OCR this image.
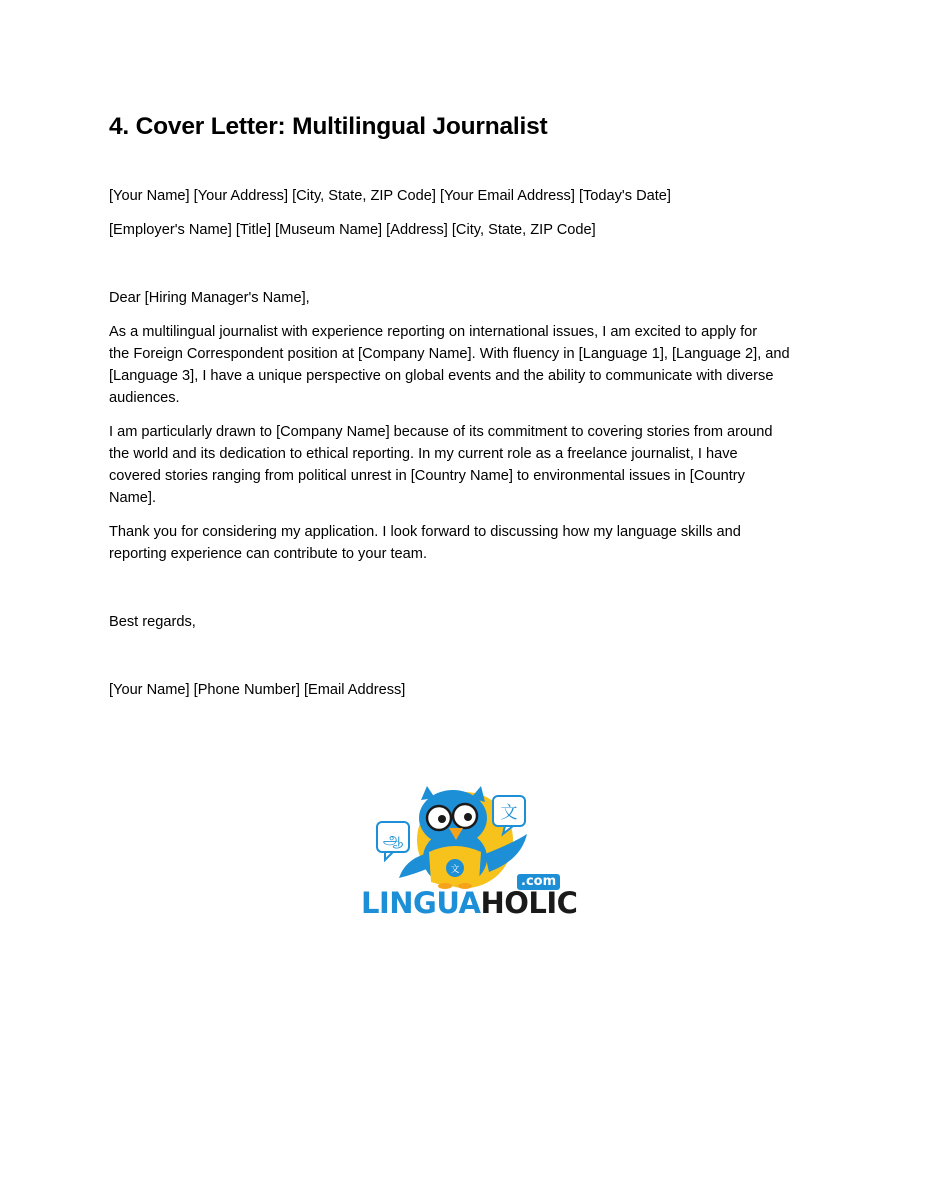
4. Cover Letter: Multilingual Journalist

[Your Name] [Your Address] [City, State, ZIP Code] [Your Email Address] [Today's Date]

[Employer's Name] [Title] [Museum Name] [Address] [City, State, ZIP Code]

Dear [Hiring Manager's Name],

As a multilingual journalist with experience reporting on international issues, I am excited to apply for
the Foreign Correspondent position at [Company Name]. With fluency in [Language 1], [Language 2], and
[Language 3], I have a unique perspective on global events and the ability to communicate with diverse
audiences.

I am particularly drawn to [Company Name] because of its commitment to covering stories from around
the world and its dedication to ethical reporting. In my current role as a freelance journalist, I have
covered stories ranging from political unrest in [Country Name] to environmental issues in [Country
Name].

Thank you for considering my application. I look forward to discussing how my language skills and
reporting experience can contribute to your team.

Best regards,

[Your Name] [Phone Number] [Email Address]

ஆ
文
文
.com
LINGUAHOLIC
